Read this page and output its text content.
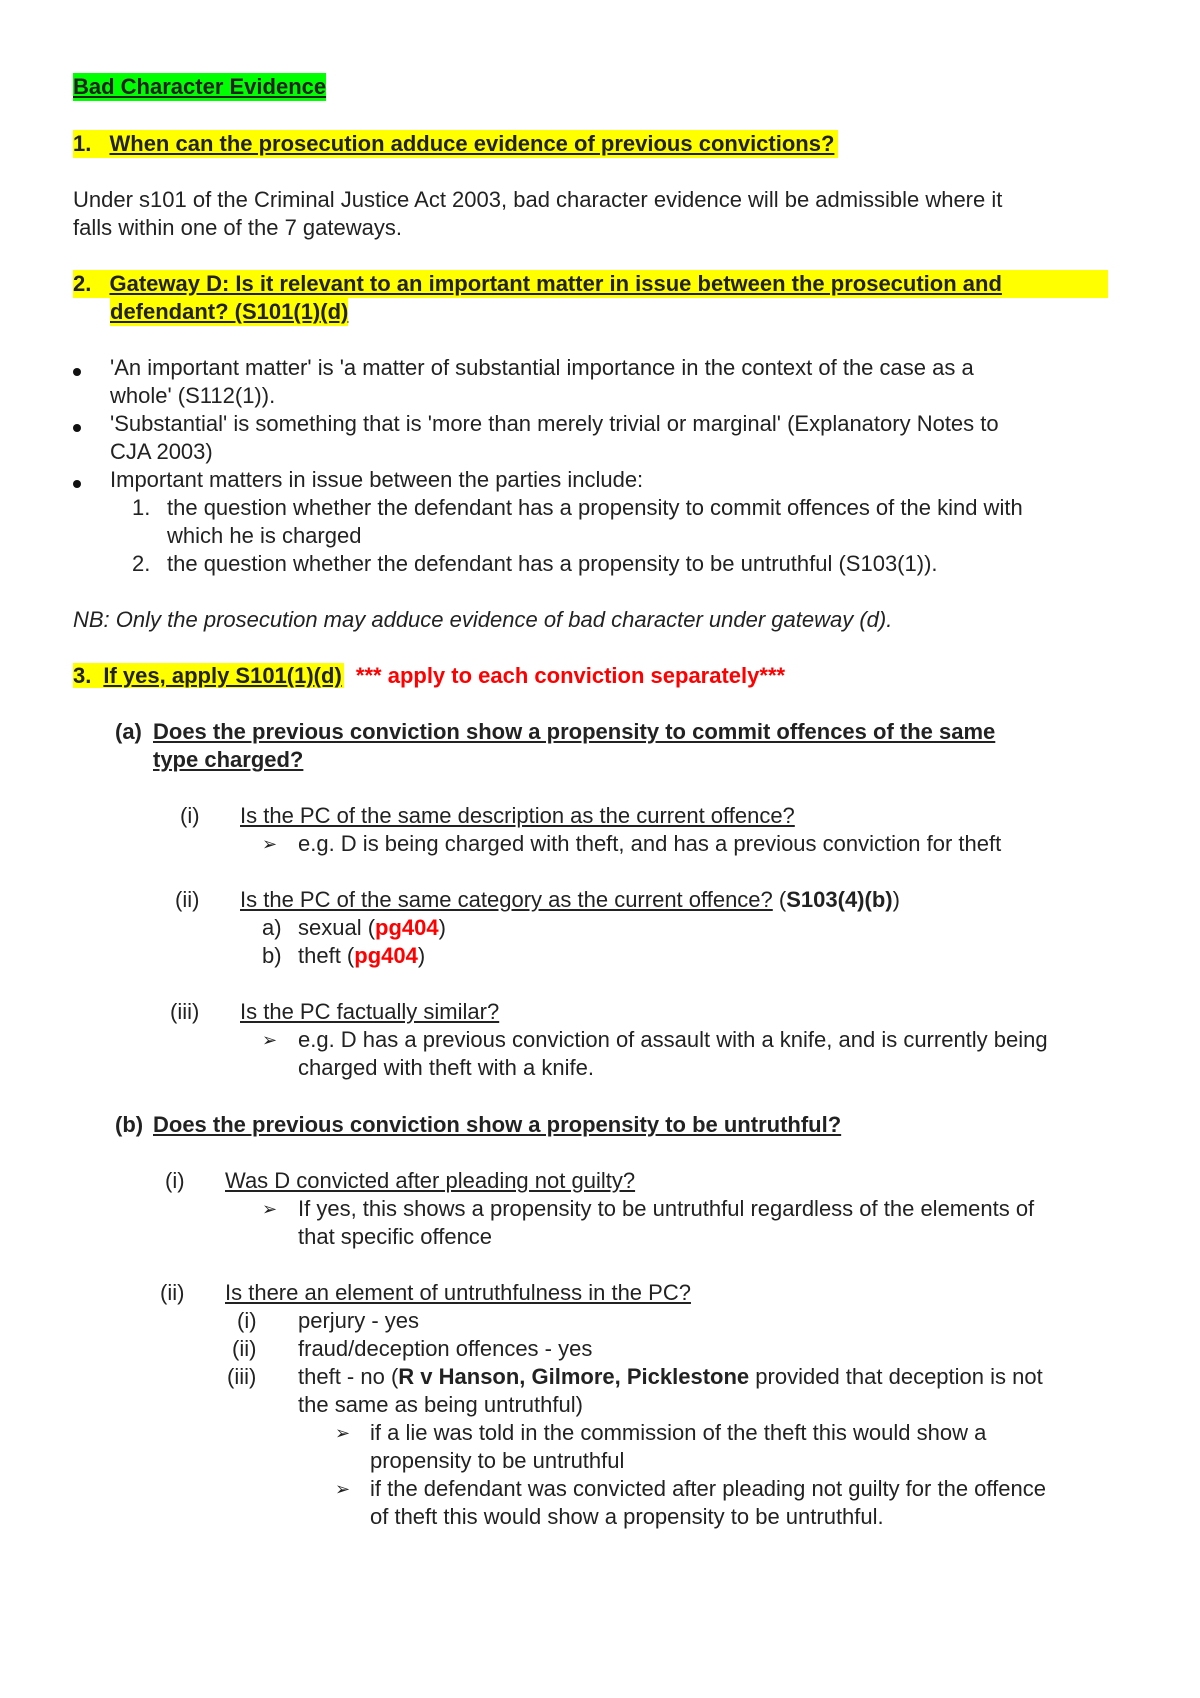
Bad Character Evidence
1. When can the prosecution adduce evidence of previous convictions?
Under s101 of the Criminal Justice Act 2003, bad character evidence will be admissible where it
falls within one of the 7 gateways.
2. Gateway D: Is it relevant to an important matter in issue between the prosecution and
defendant? (S101(1)(d)
'An important matter' is 'a matter of substantial importance in the context of the case as a
whole' (S112(1)).
'Substantial' is something that is 'more than merely trivial or marginal' (Explanatory Notes to
CJA 2003)
Important matters in issue between the parties include:
1. the question whether the defendant has a propensity to commit offences of the kind with
which he is charged
2. the question whether the defendant has a propensity to be untruthful (S103(1)).
NB: Only the prosecution may adduce evidence of bad character under gateway (d).
3. If yes, apply S101(1)(d) *** apply to each conviction separately***
(a) Does the previous conviction show a propensity to commit offences of the same
type charged?
(i) Is the PC of the same description as the current offence?
➢ e.g. D is being charged with theft, and has a previous conviction for theft
(ii) Is the PC of the same category as the current offence? (S103(4)(b))
a) sexual (pg404)
b) theft (pg404)
(iii) Is the PC factually similar?
➢ e.g. D has a previous conviction of assault with a knife, and is currently being
charged with theft with a knife.
(b) Does the previous conviction show a propensity to be untruthful?
(i) Was D convicted after pleading not guilty?
➢ If yes, this shows a propensity to be untruthful regardless of the elements of
that specific offence
(ii) Is there an element of untruthfulness in the PC?
(i) perjury - yes
(ii) fraud/deception offences - yes
(iii) theft - no (R v Hanson, Gilmore, Picklestone provided that deception is not
the same as being untruthful)
➢ if a lie was told in the commission of the theft this would show a
propensity to be untruthful
➢ if the defendant was convicted after pleading not guilty for the offence
of theft this would show a propensity to be untruthful.
